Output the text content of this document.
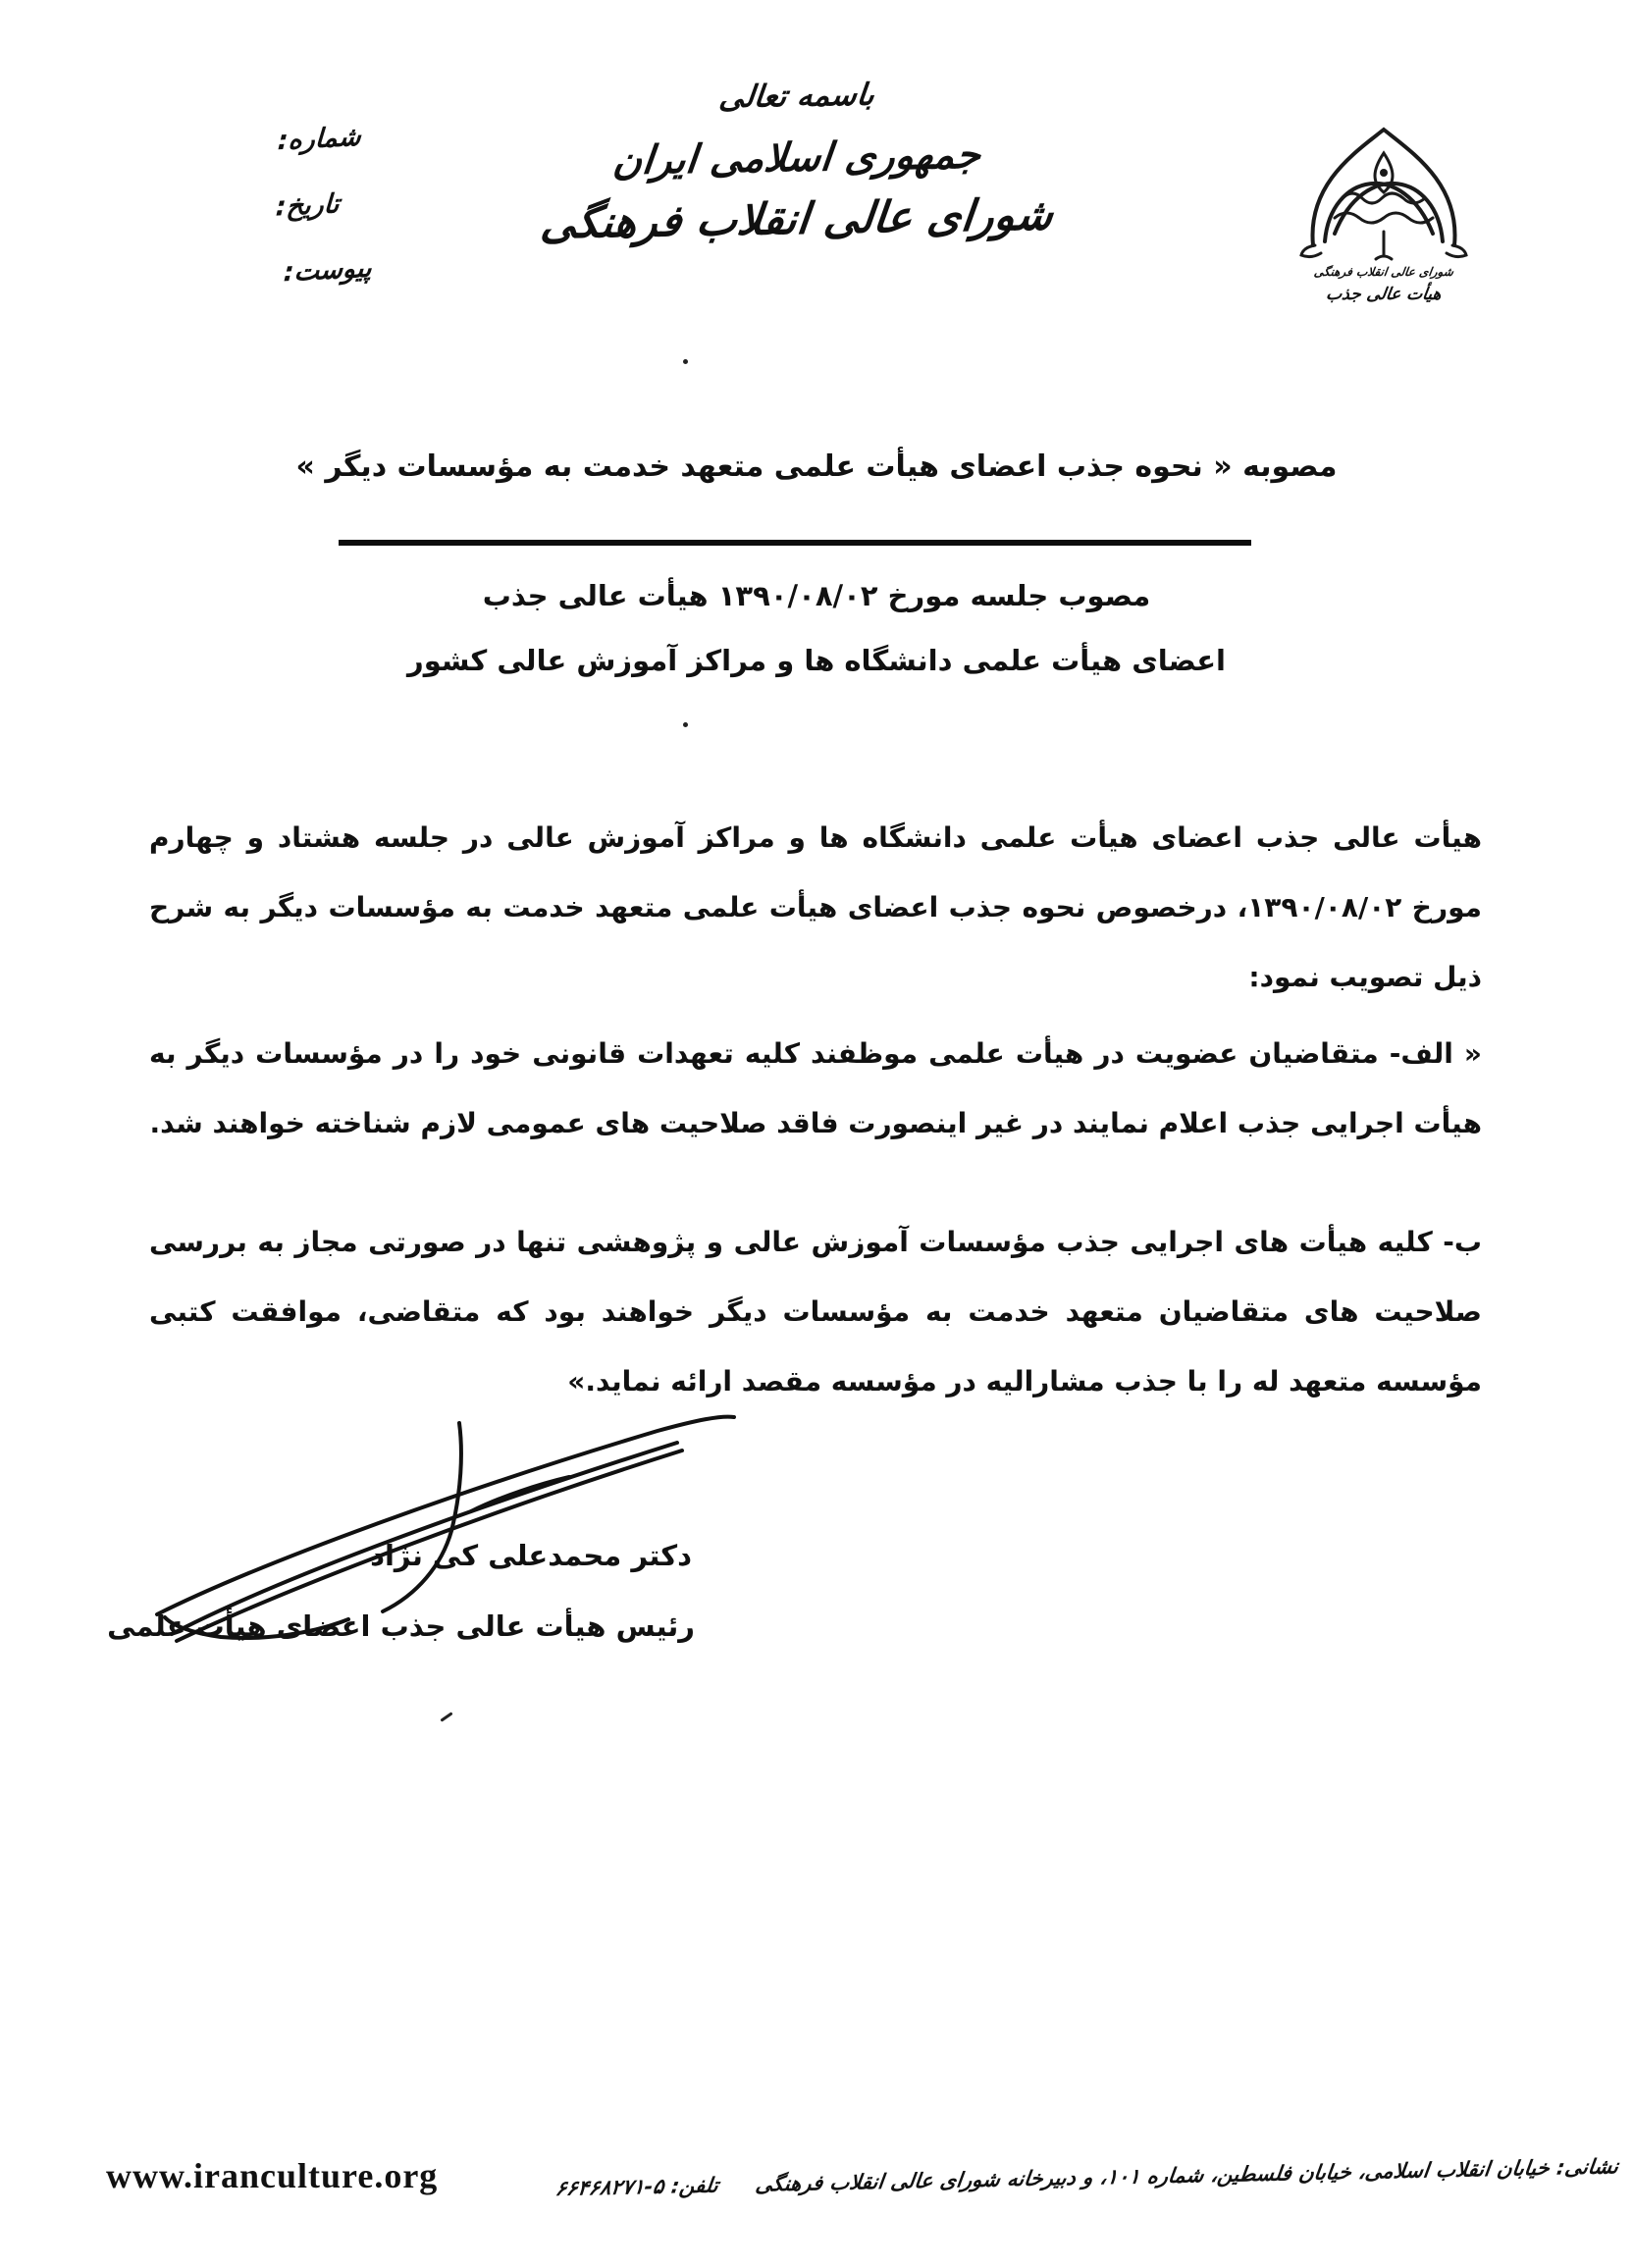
شماره:
تاریخ:
پیوست:
باسمه تعالی
جمهوری اسلامی ایران
شورای عالی انقلاب فرهنگی
شورای عالی انقلاب فرهنگی
هیأت عالی جذب
مصوبه « نحوه جذب اعضای هیأت علمی متعهد خدمت به مؤسسات دیگر »
مصوب جلسه مورخ ۱۳۹۰/۰۸/۰۲ هیأت عالی جذب
اعضای هیأت علمی دانشگاه ها و مراکز آموزش عالی کشور
هیأت عالی جذب اعضای هیأت علمی دانشگاه ها و مراکز آموزش عالی در جلسه هشتاد و چهارم مورخ ۱۳۹۰/۰۸/۰۲، درخصوص نحوه جذب اعضای هیأت علمی متعهد خدمت به مؤسسات دیگر به شرح ذیل تصویب نمود:
« الف- متقاضیان عضویت در هیأت علمی موظفند کلیه تعهدات قانونی خود را در مؤسسات دیگر به هیأت اجرایی جذب اعلام نمایند در غیر اینصورت فاقد صلاحیت های عمومی لازم شناخته خواهند شد.
ب- کلیه هیأت های اجرایی جذب مؤسسات آموزش عالی و پژوهشی تنها در صورتی مجاز به بررسی صلاحیت های متقاضیان متعهد خدمت به مؤسسات دیگر خواهند بود که متقاضی، موافقت کتبی مؤسسه متعهد له را با جذب مشارالیه در مؤسسه مقصد ارائه نماید.»
دکتر محمدعلی کی نژاد
رئیس هیأت عالی جذب اعضای هیأت علمی
www.iranculture.org	نشانی: خیابان انقلاب اسلامی، خیابان فلسطین، شماره ۱۰۱، و دبیرخانه شورای عالی انقلاب فرهنگیتلفن: ۵-۶۶۴۶۸۲۷۱
